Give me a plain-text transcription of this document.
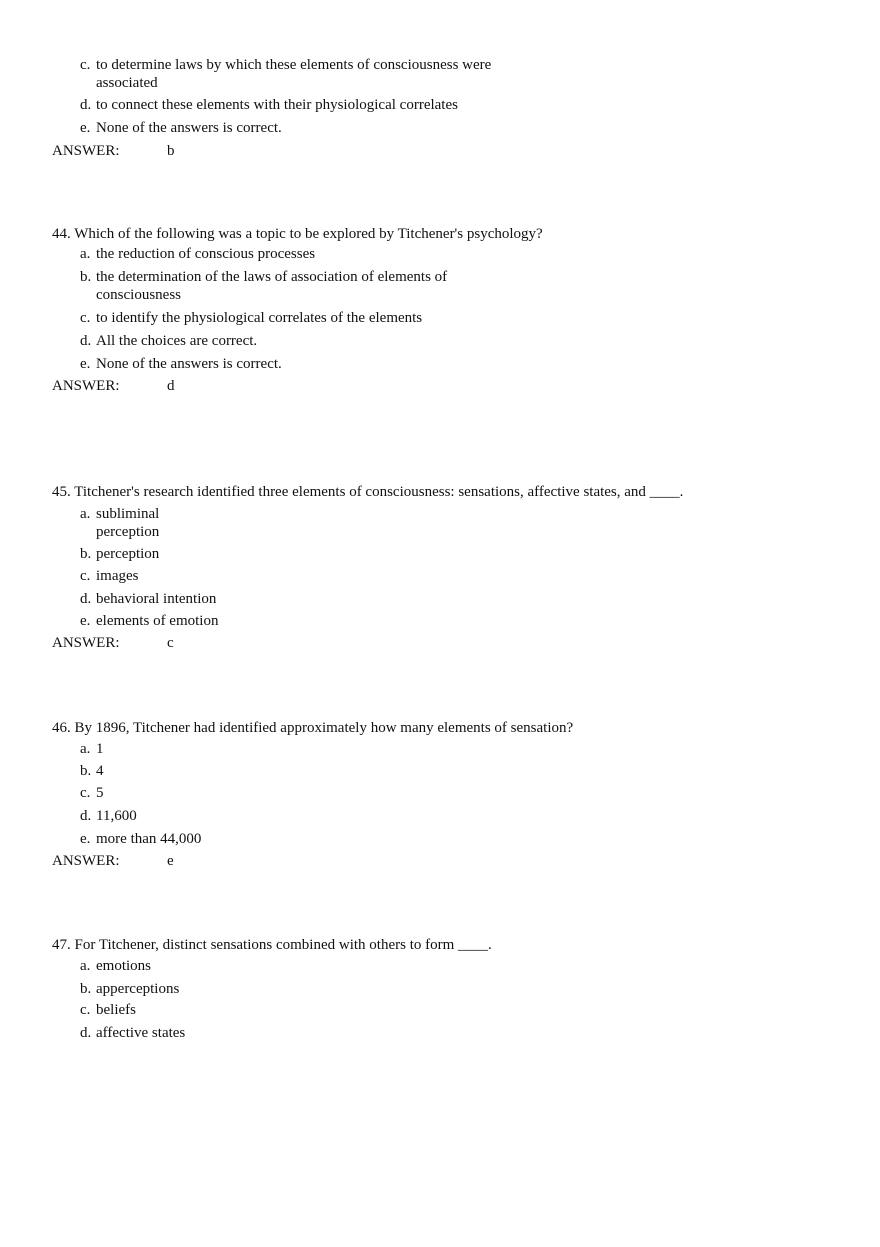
c. to determine laws by which these elements of consciousness were
associated
d. to connect these elements with their physiological correlates
e. None of the answers is correct.
ANSWER:	b
44. Which of the following was a topic to be explored by Titchener's psychology?
a. the reduction of conscious processes
b. the determination of the laws of association of elements of
consciousness
c. to identify the physiological correlates of the elements
d. All the choices are correct.
e. None of the answers is correct.
ANSWER:	d
45. Titchener's research identified three elements of consciousness: sensations, affective states, and ____.
a. subliminal
perception
b. perception
c. images
d. behavioral intention
e. elements of emotion
ANSWER:	c
46. By 1896, Titchener had identified approximately how many elements of sensation?
a. 1
b. 4
c. 5
d. 11,600
e. more than 44,000
ANSWER:	e
47. For Titchener, distinct sensations combined with others to form ____.
a. emotions
b. apperceptions
c. beliefs
d. affective states
